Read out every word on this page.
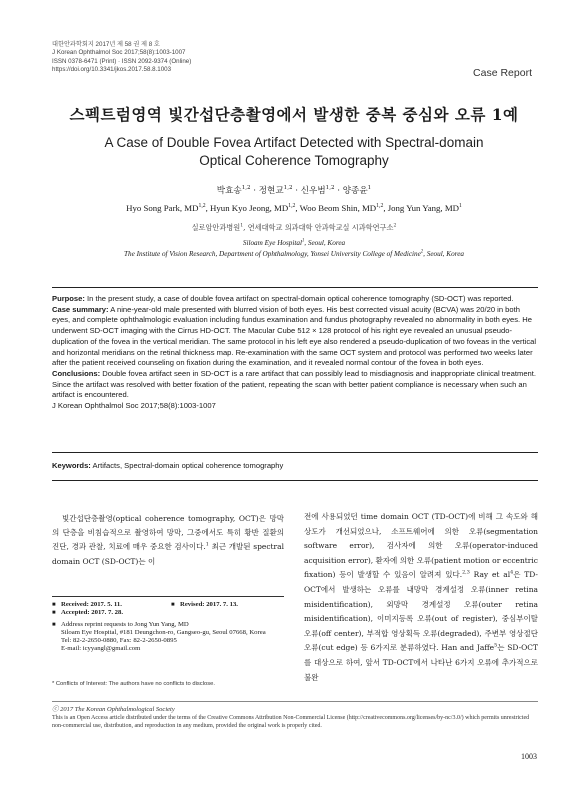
대한안과학회지 2017년 제 58 권 제 8 호
J Korean Ophthalmol Soc 2017;58(8):1003-1007
ISSN 0378-6471 (Print) · ISSN 2092-9374 (Online)
https://doi.org/10.3341/jkos.2017.58.8.1003	Case Report
스펙트럼영역 빛간섭단층촬영에서 발생한 중복 중심와 오류 1예
A Case of Double Fovea Artifact Detected with Spectral-domain
Optical Coherence Tomography
박효송$^{1,2}$ · 정현교$^{1,2}$ · 신우범$^{1,2}$ · 양종윤$^1$
Hyo Song Park, MD$^{1,2}$, Hyun Kyo Jeong, MD$^{1,2}$, Woo Beom Shin, MD$^{1,2}$, Jong Yun Yang, $MD^1$
실로암안과병원$^1$, 연세대학교 의과대학 안과학교실 시과학연구소$^2$
Siloam Eye Hospital$^1$, Seoul, Korea
The Institute of Vision Research, Department of Ophthalmology, Yonsei University College of Medicine$^2$, Seoul, Korea

Purpose: In the present study, a case of double fovea artifact on spectral-domain optical coherence tomography (SD-OCT) was reported.

Case summary: A nine-year-old male presented with blurred vision of both eyes. His best corrected visual acuity (BCVA) was 20/20 in both eyes, and complete ophthalmologic evaluation including fundus examination and fundus photography revealed no abnormality in both eyes. He underwent SD-OCT imaging with the Cirrus HD-OCT. The Macular Cube 512 × 128 protocol of his right eye revealed an unusual pseudo-duplication of the fovea in the vertical meridian. The same protocol in his left eye also rendered a pseudo-duplication of two foveas in the vertical and horizontal meridians on the retinal thickness map. Re-examination with the same OCT system and protocol was performed two weeks later after the patient received counseling on fixation during the examination, and it revealed normal contour of the fovea in both eyes.

Conclusions: Double fovea artifact seen in SD-OCT is a rare artifact that can possibly lead to misdiagnosis and inappropriate clinical treatment. Since the artifact was resolved with better fixation of the patient, repeating the scan with better patient compliance is necessary when such an artifact is encountered.

J Korean Ophthalmol Soc 2017;58(8):1003-1007

Keywords: Artifacts, Spectral-domain optical coherence tomography
빛간섭단층촬영(optical coherence tomography, OCT)은 망막의 단층을 비침습적으로 촬영하여 망막, 그중에서도 특히 황반 질환의 진단, 경과 관찰, 치료에 매우 중요한 검사이다.$^1$ 최근 개발된 spectral domain OCT (SD-OCT)는 이
전에 사용되었던 time domain OCT (TD-OCT)에 비해 그 속도와 해상도가 개선되었으나, 소프트웨어에 의한 오류(segmentation software error), 검사자에 의한 오류(operator-induced acquisition error), 환자에 의한 오류(patient motion or eccentric fixation) 등이 발생할 수 있음이 알려져 있다.$^{2,3}$ Ray et $al^4$은 TD-OCT에서 발생하는 오류를 내망막 경계설정 오류(inner retina misidentification), 외망막 경계설정 오류(outer retina misidentification), 이미지등록 오류(out of register), 중심부이탈 오류(off center), 부적합 영상획득 오류(degraded), 주변부 영상절단 오류(cut edge) 등 6가지로 분류하였다. Han and Jaffe$^5$는 SD-OCT를 대상으로 하여, 앞서 TD-OCT에서 나타난 6가지 오류에 추가적으로 불완
■ Received: 2017. 5. 11.	■ Revised: 2017. 7. 13.
■ Accepted: 2017. 7. 28.
■ Address reprint requests to Jong Yun Yang, MD
Siloam Eye Hospital, #181 Deungchon-ro, Gangseo-gu, Seoul 07668, Korea
Tel: 82-2-2650-0880, Fax: 82-2-2650-0895
E-mail: icyyangl@gmail.com
* Conflicts of Interest: The authors have no conflicts to disclose.
ⓒ 2017 The Korean Ophthalmological Society
This is an Open Access article distributed under the terms of the Creative Commons Attribution Non-Commercial License (http://creativecommons.org/licenses/by-nc/3.0/) which permits unrestricted non-commercial use, distribution, and reproduction in any medium, provided the original work is properly cited.
1003
